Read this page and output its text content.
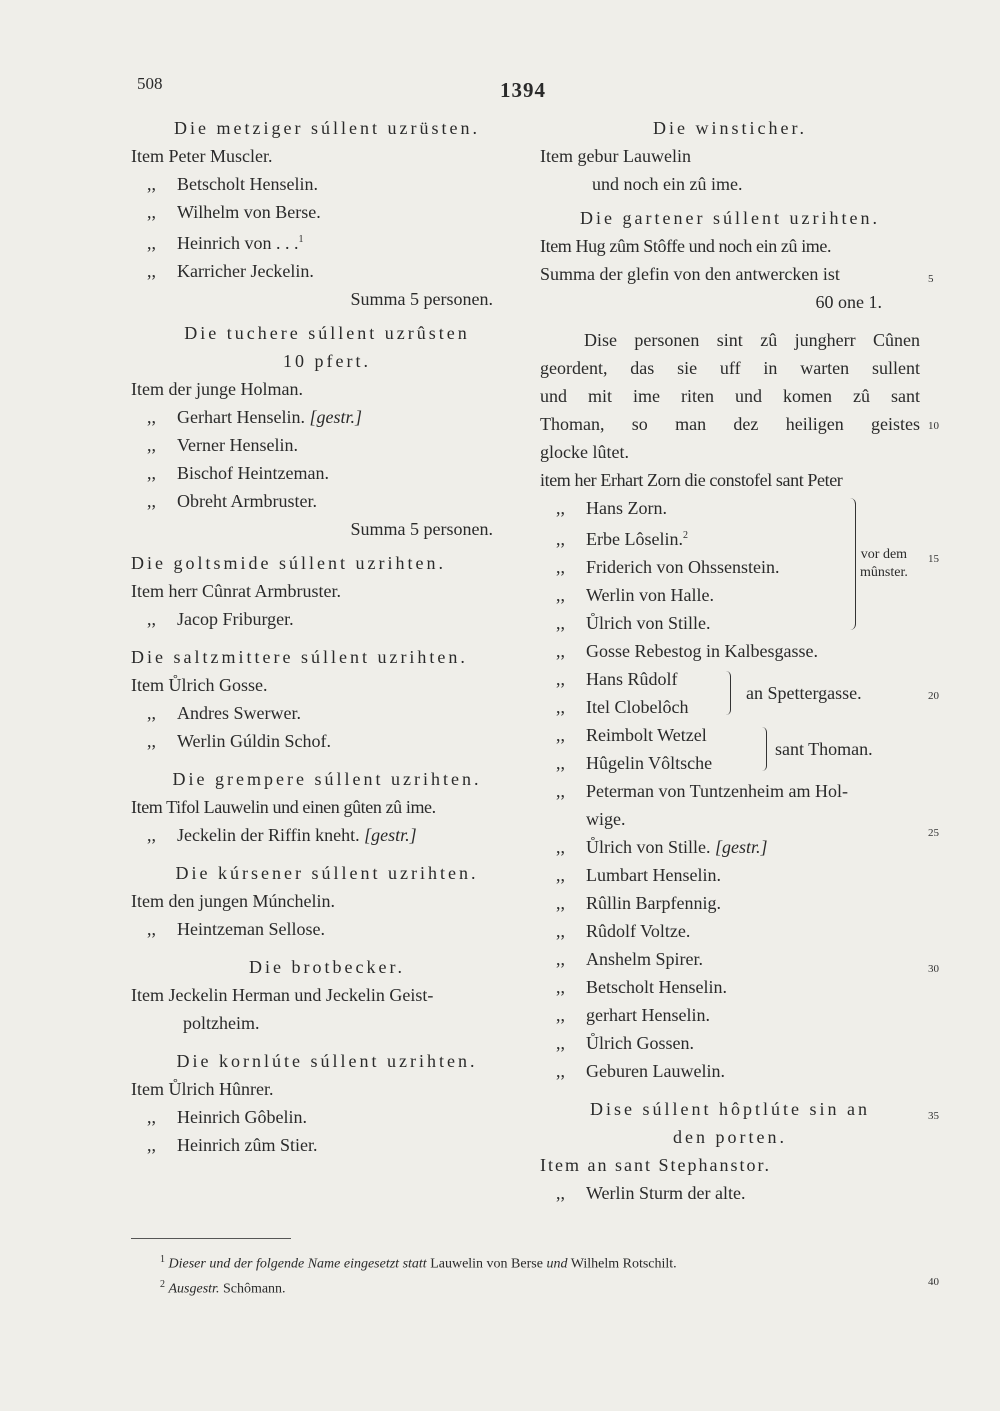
508	1394

Die metziger súllent uzrüsten.

Item Peter Muscler.

,, Betscholt Henselin.

,, Wilhelm von Berse.

,, Heinrich von . . .$^1$

,, Karricher Jeckelin.

Summa 5 personen.

Die tuchere súllent uzrûsten

10 pfert.

Item der junge Holman.

,, Gerhart Henselin. [gestr.]

,, Verner Henselin.

,, Bischof Heintzeman.

,, Obreht Armbruster.

Summa 5 personen.

Die goltsmide súllent uzrihten.

Item herr Cûnrat Armbruster.

,, Jacop Friburger.

Die saltzmittere súllent uzrihten.

Item Ůlrich Gosse.

,, Andres Swerwer.

,, Werlin Gúldin Schof.

Die grempere súllent uzrihten.

Item Tifol Lauwelin und einen gûten zû ime.

,, Jeckelin der Riffin kneht. [gestr.]

Die kúrsener súllent uzrihten.

Item den jungen Múnchelin.

,, Heintzeman Sellose.

Die brotbecker.

Item Jeckelin Herman und Jeckelin Geist-

poltzheim.

Die kornlúte súllent uzrihten.

Item Ůlrich Hûnrer.

,, Heinrich Gôbelin.

,, Heinrich zûm Stier.

Die winsticher.

Item gebur Lauwelin

und noch ein zû ime.

Die gartener súllent uzrihten.

Item Hug zûm Stôffe und noch ein zû ime.

Summa der glefin von den antwercken ist

60 one 1.

Dise personen sint zû jungherr Cûnen

geordent, das sie uff in warten sullent

und mit ime riten und komen zû sant

Thoman, so man dez heiligen geistes

glocke lûtet.

item her Erhart Zorn die constofel sant Peter

,, Hans Zorn.

,, Erbe Lôselin.$^2$

,, Friderich von Ohssenstein.

,, Werlin von Halle.

,, Ůlrich von Stille.

vor dem
mûnster.

,, Gosse Rebestog in Kalbesgasse.

,, Hans Rûdolf

,, Itel Clobelôch

an Spettergasse.

,, Reimbolt Wetzel

,, Hûgelin Vôltsche

sant Thoman.

,, Peterman von Tuntzenheim am Hol-

wige.

,, Ůlrich von Stille. [gestr.]

,, Lumbart Henselin.

,, Rûllin Barpfennig.

,, Rûdolf Voltze.

,, Anshelm Spirer.

,, Betscholt Henselin.

,, gerhart Henselin.

,, Ůlrich Gossen.

,, Geburen Lauwelin.

Dise súllent hôptlúte sin an

den porten.

Item an sant Stephanstor.

,, Werlin Sturm der alte.

5
10
15
20
25
30
35
40

$^1$ Dieser und der folgende Name eingesetzt statt Lauwelin von Berse und Wilhelm Rotschilt.

$^2$ Ausgestr. Schômann.
